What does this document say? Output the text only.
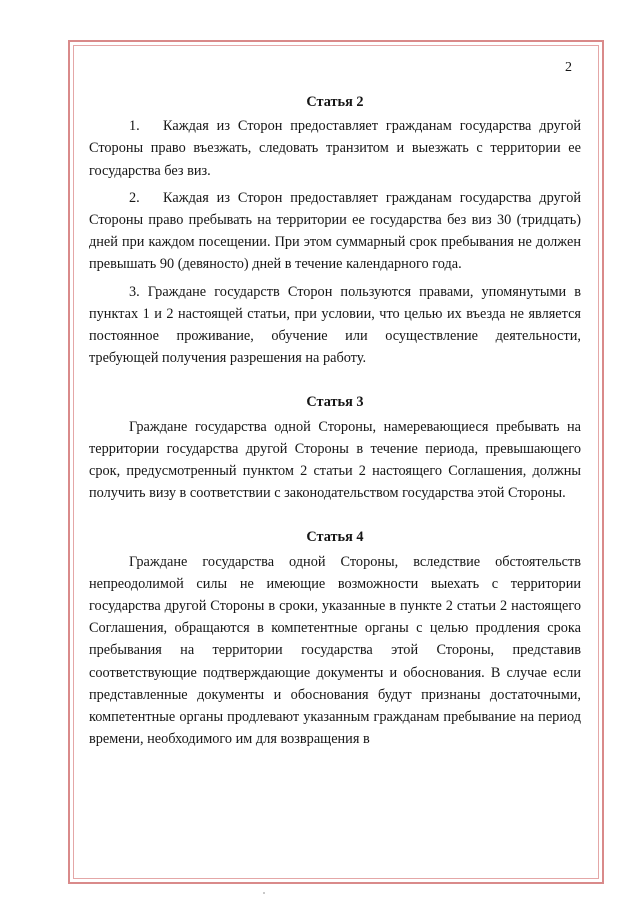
2
Статья 2

1. Каждая из Сторон предоставляет гражданам государства другой Стороны право въезжать, следовать транзитом и выезжать с территории ее государства без виз.

2. Каждая из Сторон предоставляет гражданам государства другой Стороны право пребывать на территории ее государства без виз 30 (тридцать) дней при каждом посещении. При этом суммарный срок пребывания не должен превышать 90 (девяносто) дней в течение календарного года.

3. Граждане государств Сторон пользуются правами, упомянутыми в пунктах 1 и 2 настоящей статьи, при условии, что целью их въезда не является постоянное проживание, обучение или осуществление деятельности, требующей получения разрешения на работу.

Статья 3

Граждане государства одной Стороны, намеревающиеся пребывать на территории государства другой Стороны в течение периода, превышающего срок, предусмотренный пунктом 2 статьи 2 настоящего Соглашения, должны получить визу в соответствии с законодательством государства этой Стороны.

Статья 4

Граждане государства одной Стороны, вследствие обстоятельств непреодолимой силы не имеющие возможности выехать с территории государства другой Стороны в сроки, указанные в пункте 2 статьи 2 настоящего Соглашения, обращаются в компетентные органы с целью продления срока пребывания на территории государства этой Стороны, представив соответствующие подтверждающие документы и обоснования. В случае если представленные документы и обоснования будут признаны достаточными, компетентные органы продлевают указанным гражданам пребывание на период времени, необходимого им для возвращения в
